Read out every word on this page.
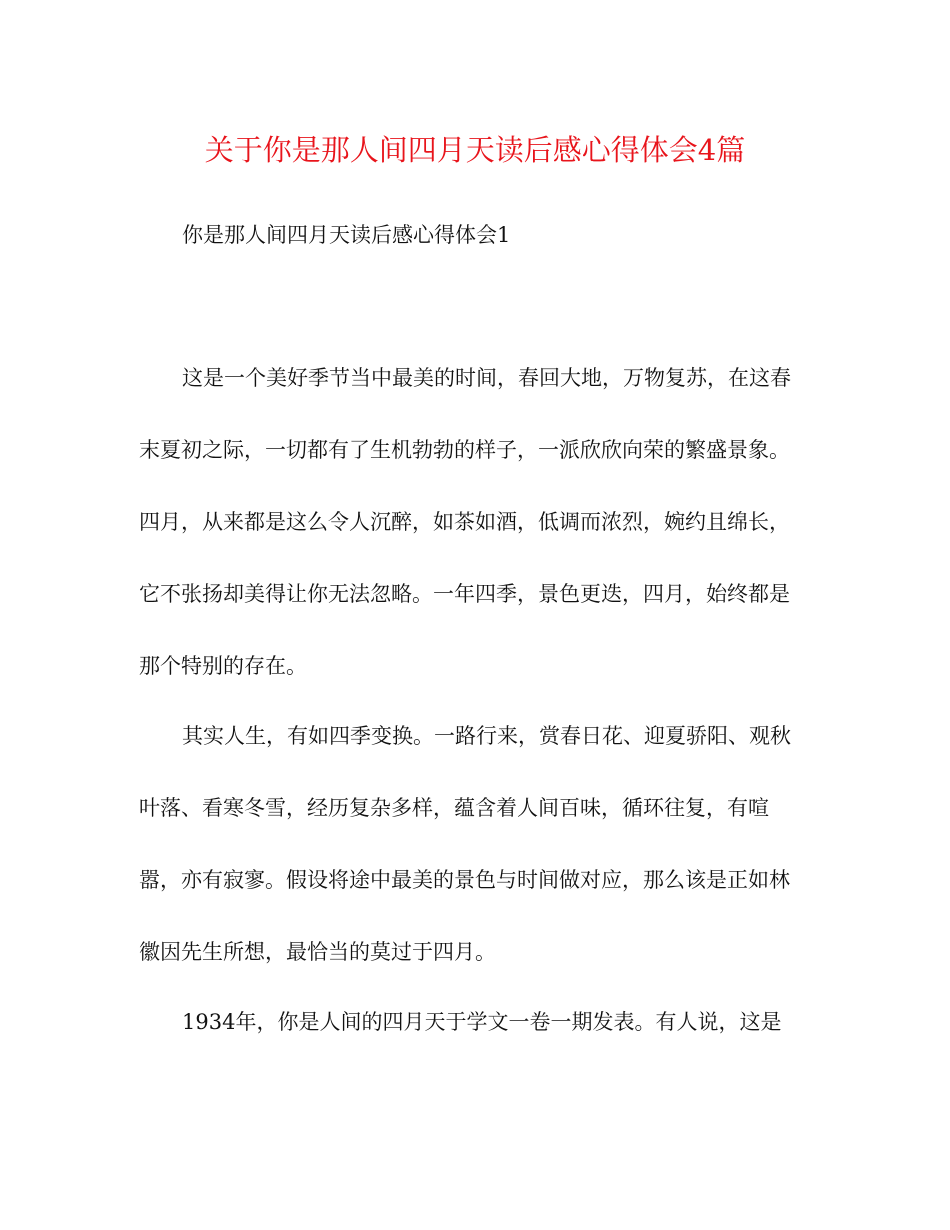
关于你是那人间四月天读后感心得体会4篇
你是那人间四月天读后感心得体会1
这是一个美好季节当中最美的时间，春回大地，万物复苏，在这春
末夏初之际，一切都有了生机勃勃的样子，一派欣欣向荣的繁盛景象。
四月，从来都是这么令人沉醉，如茶如酒，低调而浓烈，婉约且绵长，
它不张扬却美得让你无法忽略。一年四季，景色更迭，四月，始终都是
那个特别的存在。
其实人生，有如四季变换。一路行来，赏春日花、迎夏骄阳、观秋
叶落、看寒冬雪，经历复杂多样，蕴含着人间百味，循环往复，有喧
嚣，亦有寂寥。假设将途中最美的景色与时间做对应，那么该是正如林
徽因先生所想，最恰当的莫过于四月。
1934年，你是人间的四月天于学文一卷一期发表。有人说，这是
